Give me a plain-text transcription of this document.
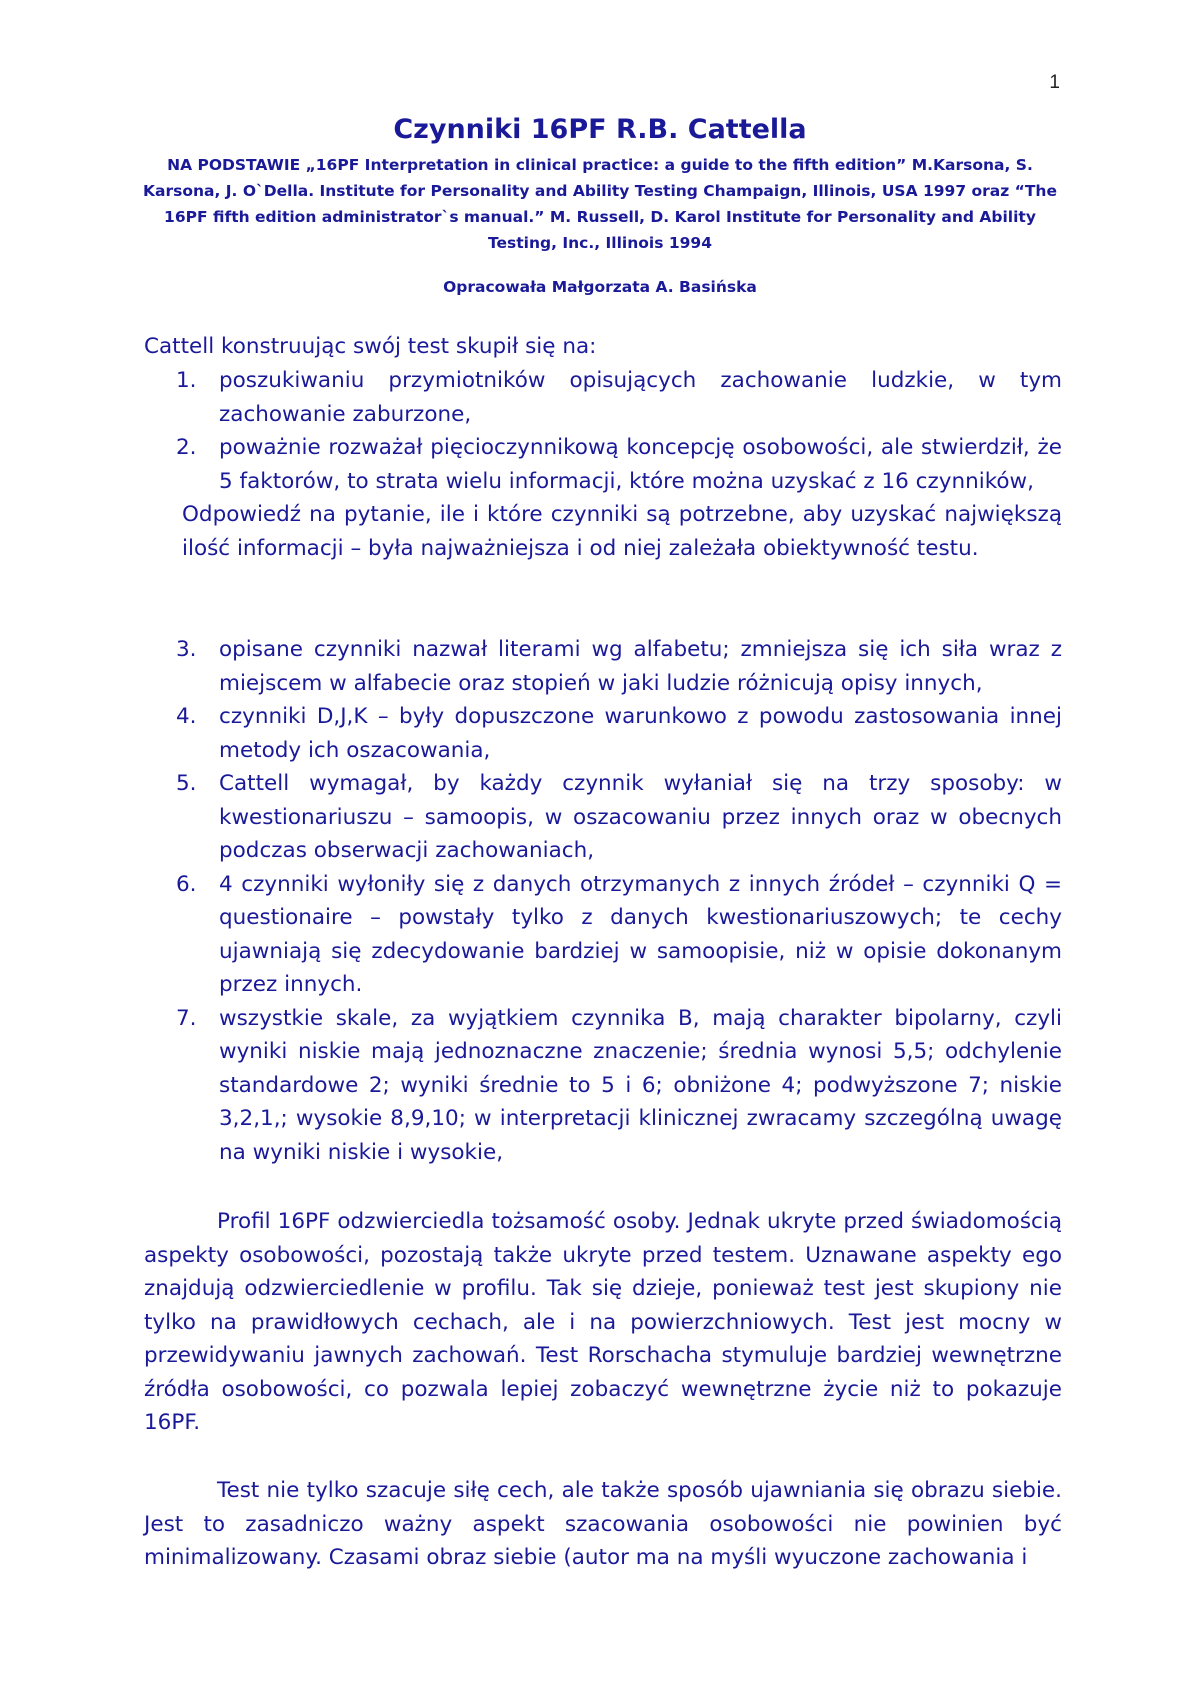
1
Czynniki 16PF R.B. Cattella
NA PODSTAWIE „16PF Interpretation in clinical practice: a guide to the fifth edition” M.Karsona, S. Karsona, J. O`Della. Institute for Personality and Ability Testing Champaign, Illinois, USA 1997 oraz “The 16PF fifth edition administrator`s manual.” M. Russell, D. Karol Institute for Personality and Ability Testing, Inc., Illinois 1994
Opracowała Małgorzata A. Basińska
Cattell konstruując swój test skupił się na:
1. poszukiwaniu przymiotników opisujących zachowanie ludzkie, w tym zachowanie zaburzone,
2. poważnie rozważał pięcioczynnikową koncepcję osobowości, ale stwierdził, że 5 faktorów, to strata wielu informacji, które można uzyskać z 16 czynników,
Odpowiedź na pytanie, ile i które czynniki są potrzebne, aby uzyskać największą ilość informacji – była najważniejsza i od niej zależała obiektywność testu.
3. opisane czynniki nazwał literami wg alfabetu; zmniejsza się ich siła wraz z miejscem w alfabecie oraz stopień w jaki ludzie różnicują opisy innych,
4. czynniki D,J,K – były dopuszczone warunkowo z powodu zastosowania innej metody ich oszacowania,
5. Cattell wymagał, by każdy czynnik wyłaniał się na trzy sposoby: w kwestionariuszu – samoopis, w oszacowaniu przez innych oraz w obecnych podczas obserwacji zachowaniach,
6. 4 czynniki wyłoniły się z danych otrzymanych z innych źródeł – czynniki Q = questionaire – powstały tylko z danych kwestionariuszowych; te cechy ujawniają się zdecydowanie bardziej w samoopisie, niż w opisie dokonanym przez innych.
7. wszystkie skale, za wyjątkiem czynnika B, mają charakter bipolarny, czyli wyniki niskie mają jednoznaczne znaczenie; średnia wynosi 5,5; odchylenie standardowe 2; wyniki średnie to 5 i 6; obniżone 4; podwyższone 7; niskie 3,2,1,; wysokie 8,9,10; w interpretacji klinicznej zwracamy szczególną uwagę na wyniki niskie i wysokie,

Profil 16PF odzwierciedla tożsamość osoby. Jednak ukryte przed świadomością aspekty osobowości, pozostają także ukryte przed testem. Uznawane aspekty ego znajdują odzwierciedlenie w profilu. Tak się dzieje, ponieważ test jest skupiony nie tylko na prawidłowych cechach, ale i na powierzchniowych. Test jest mocny w przewidywaniu jawnych zachowań. Test Rorschacha stymuluje bardziej wewnętrzne źródła osobowości, co pozwala lepiej zobaczyć wewnętrzne życie niż to pokazuje 16PF.

Test nie tylko szacuje siłę cech, ale także sposób ujawniania się obrazu siebie. Jest to zasadniczo ważny aspekt szacowania osobowości nie powinien być minimalizowany. Czasami obraz siebie (autor ma na myśli wyuczone zachowania i
